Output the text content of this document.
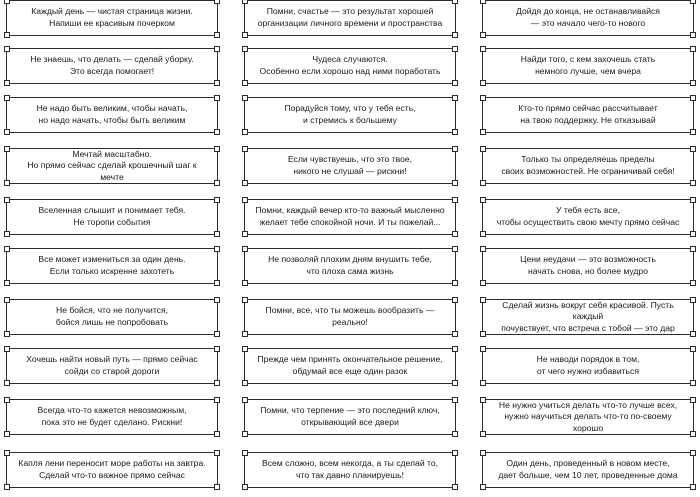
Каждый день — чистая страница жизни.
Напиши ее красивым почерком
Помни, счастье — это результат хорошей
организации личного времени и пространства
Дойдя до конца, не останавливайся
— это начало чего-то нового
Не знаешь, что делать — сделай уборку.
Это всегда помогает!
Чудеса случаются.
Особенно если хорошо над ними поработать
Найди того, с кем захочешь стать
немного лучше, чем вчера
Не надо быть великим, чтобы начать,
но надо начать, чтобы быть великим
Порадуйся тому, что у тебя есть,
и стремись к большему
Кто-то прямо сейчас рассчитывает
на твою поддержку. Не отказывай
Мечтай масштабно.
Но прямо сейчас сделай крошечный шаг к мечте
Если чувствуешь, что это твое,
никого не слушай — рискни!
Только ты определяешь пределы
своих возможностей. Не ограничивай себя!
Вселенная слышит и понимает тебя.
Не торопи события
Помни, каждый вечер кто-то важный мысленно
желает тебе спокойной ночи. И ты пожелай...
У тебя есть все,
чтобы осуществить свою мечту прямо сейчас
Все может измениться за один день.
Если только искренне захотеть
Не позволяй плохим дням внушить тебе,
что плоха сама жизнь
Цени неудачи — это возможность
начать снова, но более мудро
Не бойся, что не получится,
бойся лишь не попробовать
Помни, все, что ты можешь вообразить — реально!
Сделай жизнь вокруг себя красивой. Пусть каждый
почувствует, что встреча с тобой — это дар
Хочешь найти новый путь — прямо сейчас
сойди со старой дороги
Прежде чем принять окончательное решение,
обдумай все еще один разок
Не наводи порядок в том,
от чего нужно избавиться
Всегда что-то кажется невозможным,
пока это не будет сделано. Рискни!
Помни, что терпение — это последний ключ,
открывающий все двери
Не нужно учиться делать что-то лучше всех,
нужно научиться делать что-то по-своему хорошо
Капля лени переносит море работы на завтра.
Сделай что-то важное прямо сейчас
Всем сложно, всем некогда, а ты сделай то,
что так давно планируешь!
Один день, проведенный в новом месте,
дает больше, чем 10 лет, проведенные дома
